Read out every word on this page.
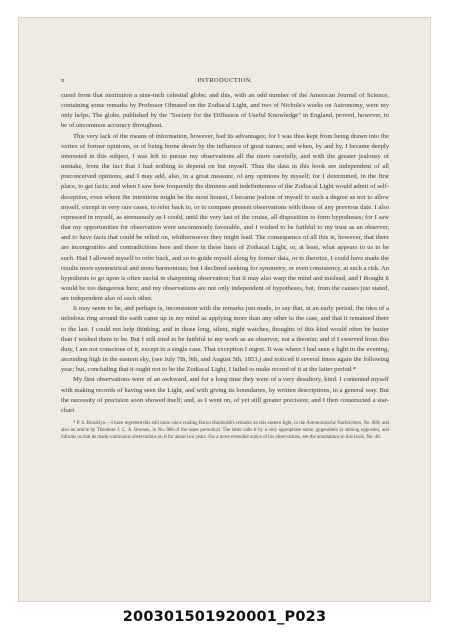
x	INTRODUCTION.

cured from that institution a nine-inch celestial globe; and this, with an odd number of the American Journal of Science, containing some remarks by Professor Olmsted on the Zodiacal Light, and two of Nichols's works on Astronomy, were my only helps. The globe, published by the "Society for the Diffusion of Useful Knowledge" in England, proved, however, to be of uncommon accuracy throughout.

This very lack of the means of information, however, had its advantages; for I was thus kept from being drawn into the vortex of former opinions, or of being borne down by the influence of great names; and when, by and by, I became deeply interested in this subject, I was left to pursue my observations all the more carefully, and with the greater jealousy of mistake, from the fact that I had nothing to depend on but myself. Thus the data in this book are independent of all preconceived opinions, and I may add, also, in a great measure, of any opinions by myself; for I determined, in the first place, to get facts; and when I saw how frequently the dimness and indefiniteness of the Zodiacal Light would admit of self-deception, even where the intentions might be the most honest, I became jealous of myself to such a degree as not to allow myself, except in very rare cases, to refer back to, or to compare present observations with those of any previous date. I also repressed in myself, as strenuously as I could, until the very last of the cruise, all disposition to form hypotheses; for I saw that my opportunities for observation were uncommonly favorable, and I wished to be faithful to my trust as an observer, and to have facts that could be relied on, whithersoever they might lead. The consequence of all this is, however, that there are incongruities and contradictions here and there in these lines of Zodiacal Light, or, at least, what appears to us to be such. Had I allowed myself to refer back, and so to guide myself along by former data, or to theorize, I could have made the results more symmetrical and more harmonious; but I declined seeking for symmetry, or even consistency, at such a risk. An hypothesis to go upon is often useful in sharpening observation; but it may also warp the mind and mislead, and I thought it would be too dangerous here; and my observations are not only independent of hypotheses, but, from the causes just stated, are independent also of each other.

It may seem to be, and perhaps is, inconsistent with the remarks just made, to say that, at an early period, the idea of a nebulous ring around the earth came up in my mind as applying more than any other to the case, and that it remained there to the last. I could not help thinking; and in those long, silent, night watches, thoughts of this kind would often be busier than I wished them to be. But I still tried to be faithful to my work as an observer, not a theorist; and if I swerved from this duty, I am not conscious of it, except in a single case. That exception I regret. It was where I had seen a light in the evening, ascending high in the eastern sky, (see July 7th, 9th, and August 5th, 1853,) and noticed it several times again the following year; but, concluding that it ought not to be the Zodiacal Light, I failed to make record of it at the latter period.*

My first observations were of an awkward, and for a long time they were of a very desultory, kind. I contented myself with making records of having seen the Light, and with giving its boundaries, by written descriptions, in a general way. But the necessity of precision soon showed itself; and, as I went on, of yet still greater precision; and I then constructed a star-chart

* P. S. Brooklyn.—I have regretted this still more since reading Baron Humboldt's remarks on this eastern light, in the Astronomische Nachrichten, No. 889; and also an article by Theodore J. C. A. Brorsen, in No. 988 of the same periodical. The latter calls it by a very appropriate name, gegenshein (a shining opposite), and informs us that he made continuous observations on it for about two years. For a more extended notice of his observations, see the annotations in this book, No. 48.
200301501920001_P023
